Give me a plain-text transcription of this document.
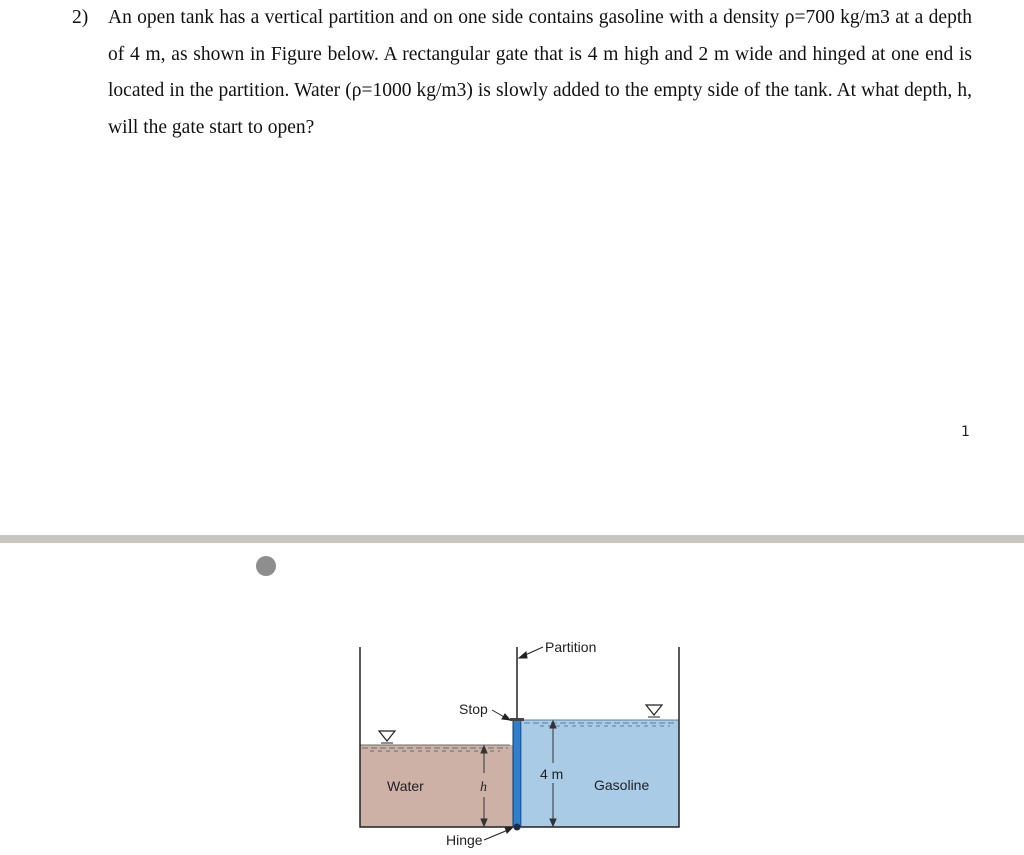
2)	An open tank has a vertical partition and on one side contains gasoline with a density ρ=700 kg/m3 at a depth of 4 m, as shown in Figure below. A rectangular gate that is 4 m high and 2 m wide and hinged at one end is located in the partition. Water (ρ=1000 kg/m3) is slowly added to the empty side of the tank. At what depth, h, will the gate start to open?
1
h
4 m
Partition
Stop
Water	Gasoline
Hinge
